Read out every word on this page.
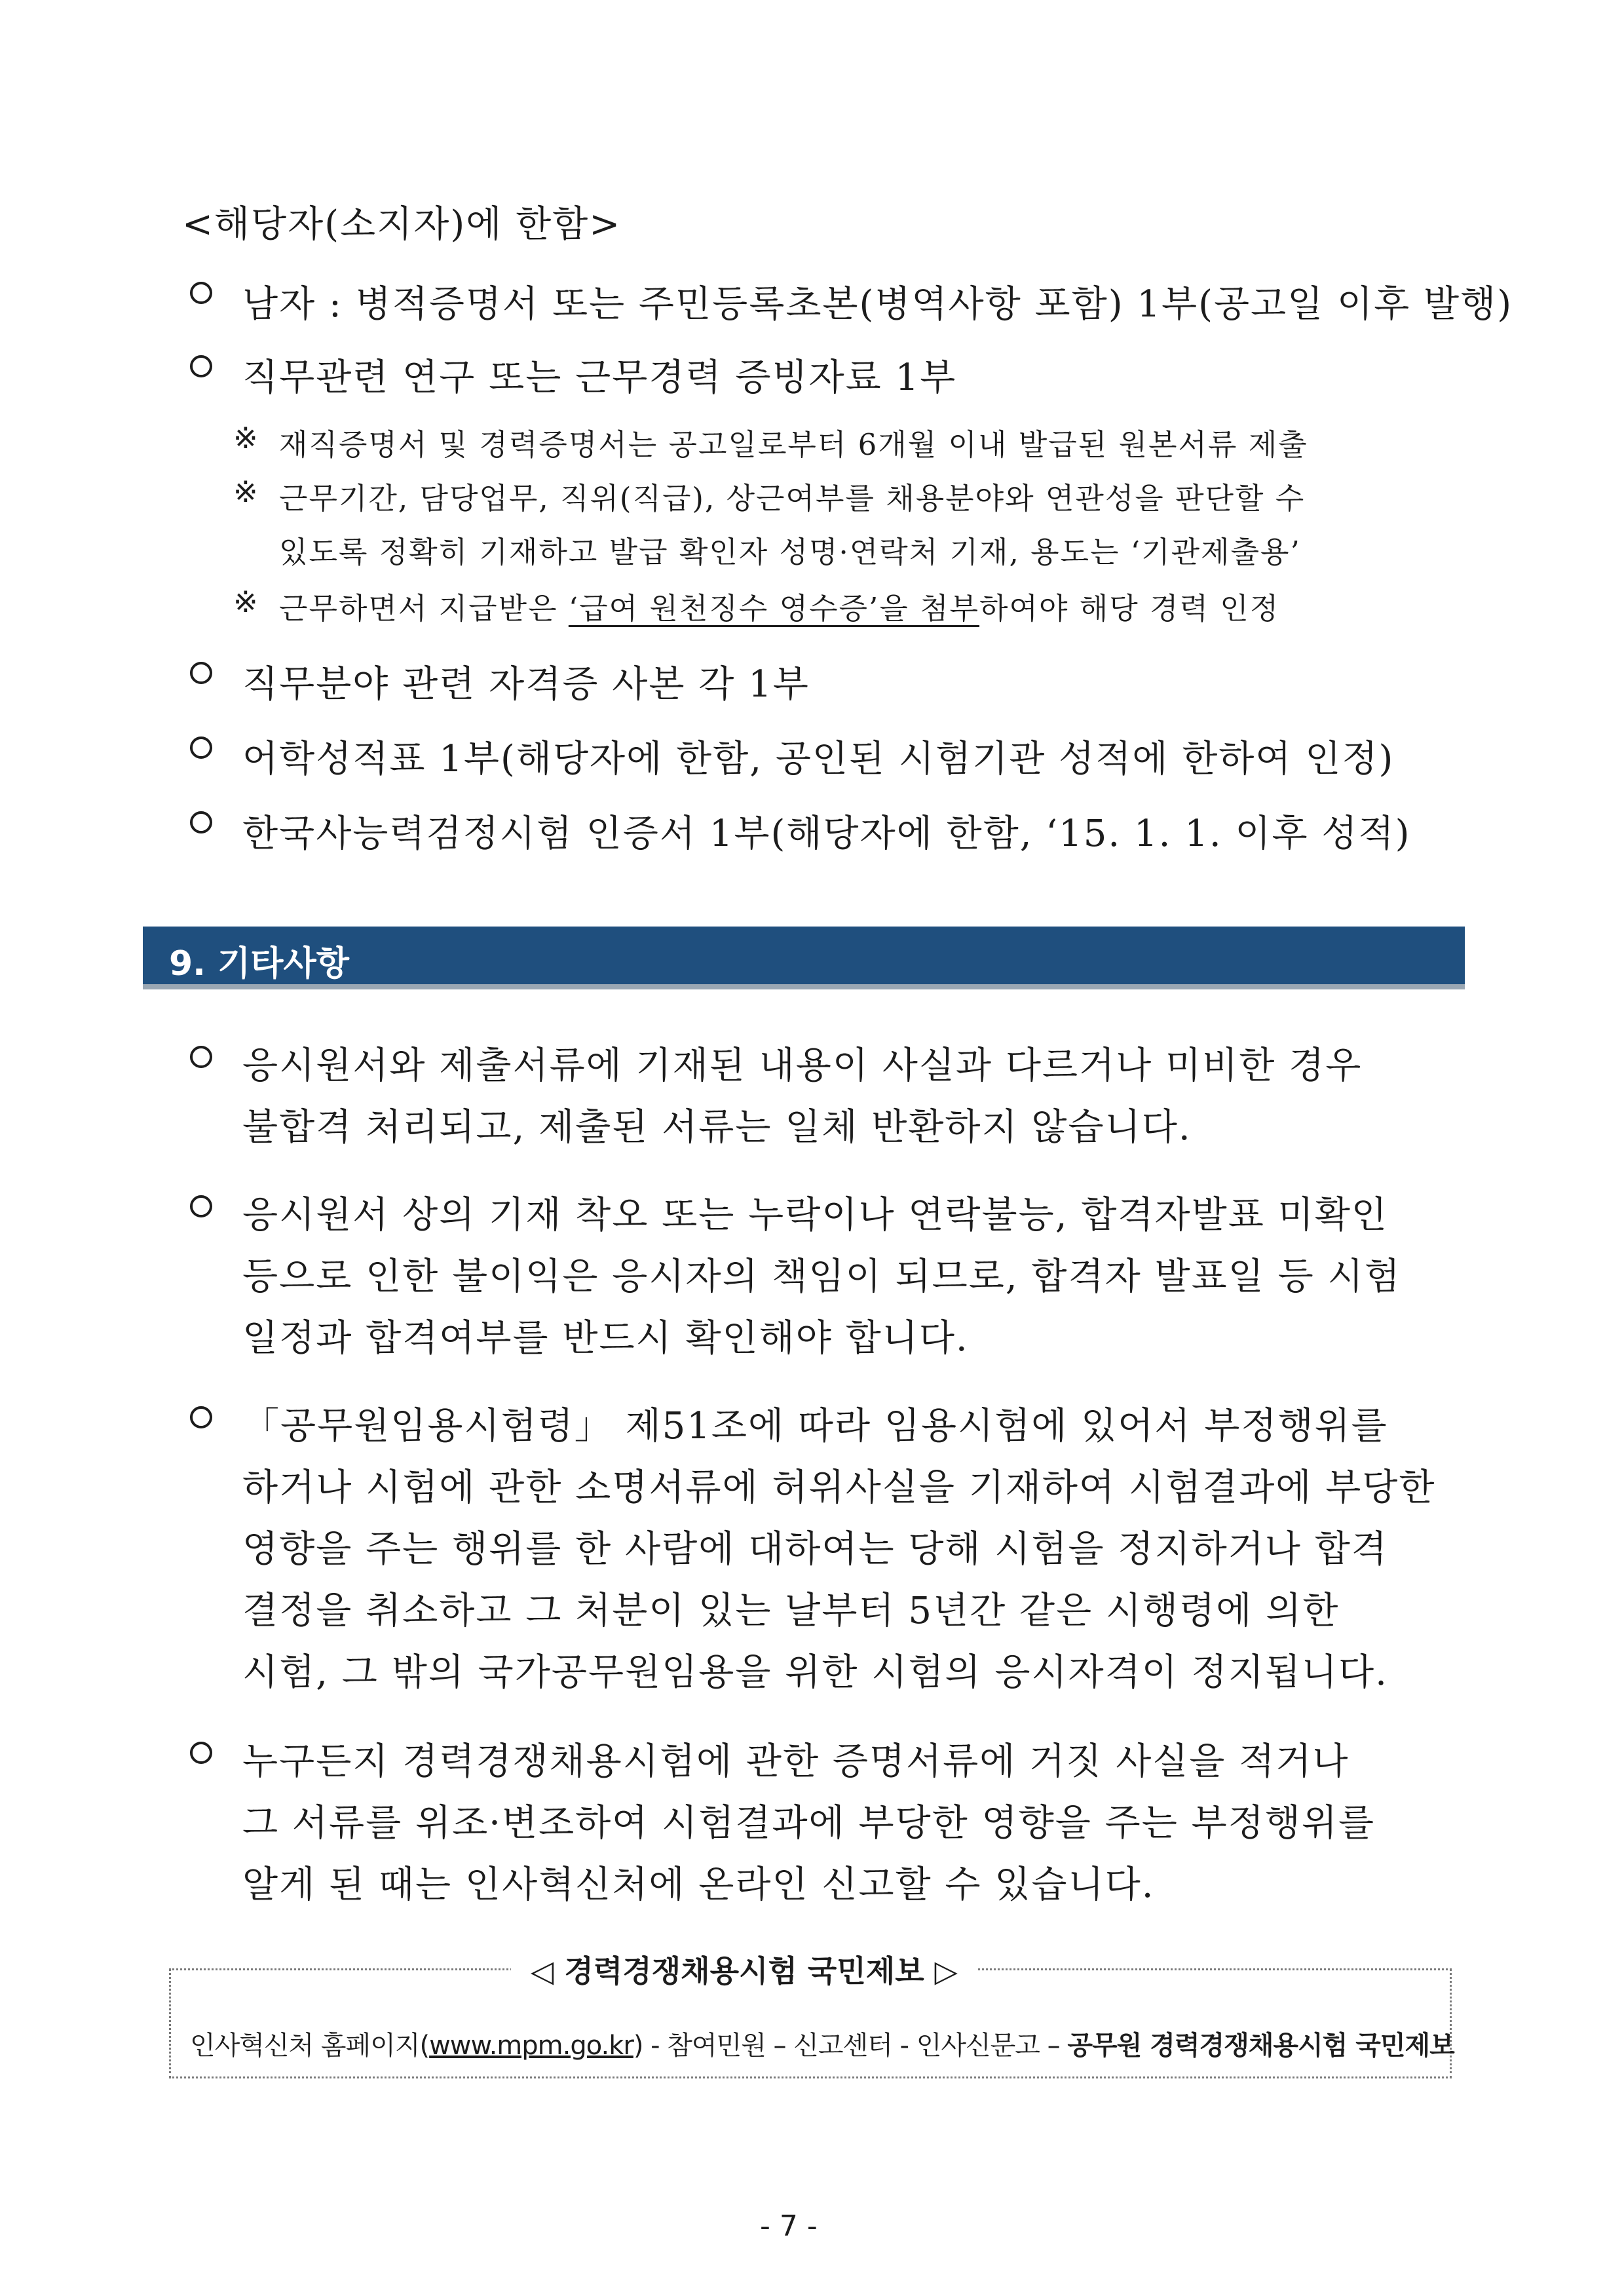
<해당자(소지자)에 한함>
남자 : 병적증명서 또는 주민등록초본(병역사항 포함) 1부(공고일 이후 발행)
직무관련 연구 또는 근무경력 증빙자료 1부
※ 재직증명서 및 경력증명서는 공고일로부터 6개월 이내 발급된 원본서류 제출
※ 근무기간, 담당업무, 직위(직급), 상근여부를 채용분야와 연관성을 판단할 수
있도록 정확히 기재하고 발급 확인자 성명·연락처 기재, 용도는 ‘기관제출용’
※ 근무하면서 지급받은 ‘급여 원천징수 영수증’을 첨부하여야 해당 경력 인정
직무분야 관련 자격증 사본 각 1부
어학성적표 1부(해당자에 한함, 공인된 시험기관 성적에 한하여 인정)
한국사능력검정시험 인증서 1부(해당자에 한함, ‘15. 1. 1. 이후 성적)
9. 기타사항
응시원서와 제출서류에 기재된 내용이 사실과 다르거나 미비한 경우
불합격 처리되고, 제출된 서류는 일체 반환하지 않습니다.
응시원서 상의 기재 착오 또는 누락이나 연락불능, 합격자발표 미확인
등으로 인한 불이익은 응시자의 책임이 되므로, 합격자 발표일 등 시험
일정과 합격여부를 반드시 확인해야 합니다.
「공무원임용시험령」 제51조에 따라 임용시험에 있어서 부정행위를
하거나 시험에 관한 소명서류에 허위사실을 기재하여 시험결과에 부당한
영향을 주는 행위를 한 사람에 대하여는 당해 시험을 정지하거나 합격
결정을 취소하고 그 처분이 있는 날부터 5년간 같은 시행령에 의한
시험, 그 밖의 국가공무원임용을 위한 시험의 응시자격이 정지됩니다.
누구든지 경력경쟁채용시험에 관한 증명서류에 거짓 사실을 적거나
그 서류를 위조·변조하여 시험결과에 부당한 영향을 주는 부정행위를
알게 된 때는 인사혁신처에 온라인 신고할 수 있습니다.
◁ 경력경쟁채용시험 국민제보 ▷
인사혁신처 홈페이지(www.mpm.go.kr) - 참여민원 – 신고센터 - 인사신문고 – 공무원 경력경쟁채용시험 국민제보
- 7 -
